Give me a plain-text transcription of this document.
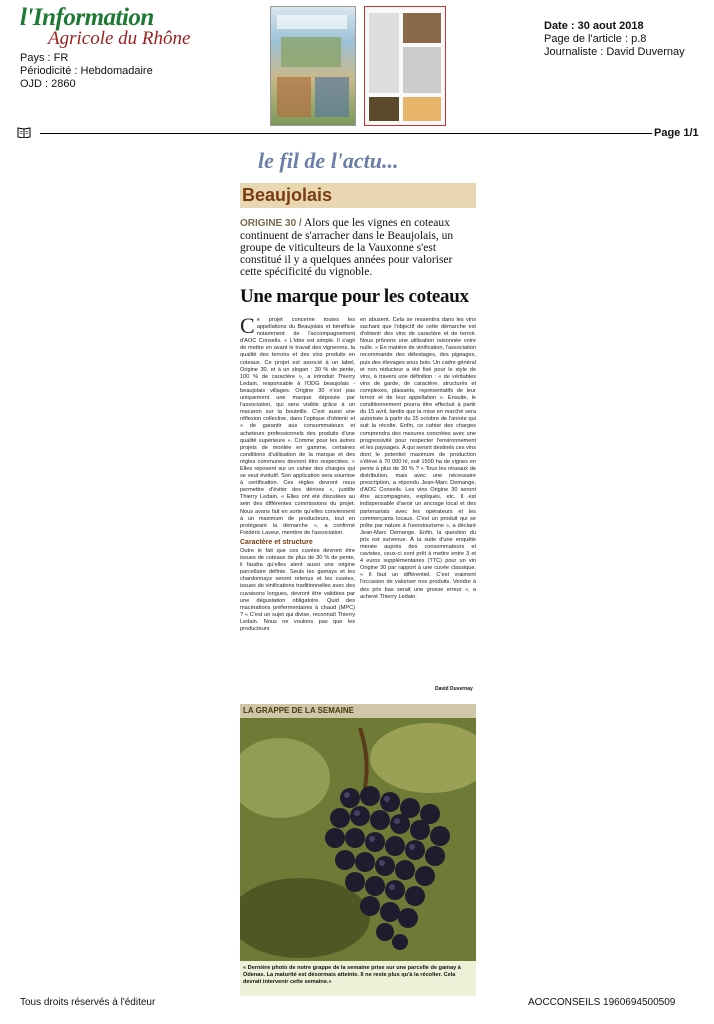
l'Information
Agricole du Rhône
Pays : FR
Périodicité : Hebdomadaire
OJD : 2860
Date : 30 aout 2018
Page de l'article : p.8
Journaliste : David Duvernay
Page 1/1
le fil de l'actu...
Beaujolais
ORIGINE 30 / Alors que les vignes en coteaux continuent de s'arracher dans le Beaujolais, un groupe de viticulteurs de la Vauxonne s'est constitué il y a quelques années pour valoriser cette spécificité du vignoble.
Une marque pour les coteaux
Ce projet concerne toutes les appellations du Beaujolais et bénéficie notamment de l'accompagnement d'AOC Conseils. « L'idée est simple. Il s'agit de mettre en avant le travail des vignerons, la qualité des terroirs et des vins produits en coteaux. Ce projet est associé à un label, Origine 30, et à un slogan : 30 % de pente, 100 % de caractère », a introduit Thierry Ledain, responsable à l'ODG beaujolais - beaujolais villages. Origine 30 n'est pas uniquement une marque déposée par l'association, qui sera visible grâce à un macaron sur la bouteille. C'est aussi une réflexion collective, dans l'optique d'obtenir et « de garantir aux consommateurs et acheteurs professionnels des produits d'une qualité supérieure ». Comme pour les autres projets de montée en gamme, certaines conditions d'utilisation de la marque et des règles communes devront être respectées. « Elles reposent sur un cahier des charges qui se veut évolutif. Son application sera soumise à certification. Ces règles devront nous permettre d'éviter des dérives », justifie Thierry Ledain. « Elles ont été discutées au sein des différentes commissions du projet. Nous avons fait en sorte qu'elles conviennent à un maximum de producteurs, tout en protégeant la démarche », a confirmé Frédéric Laveur, membre de l'association.
Caractère et structure
Outre le fait que ces cuvées devront être issues de coteaux de plus de 30 % de pente, il faudra qu'elles aient aussi une origine parcellaire définie. Seuls les gamays et les chardonnays seront retenus et les cuvées, issues de vinifications traditionnelles avec des cuvaisons longues, devront être validées par une dégustation obligatoire. Quid des macérations préfermentaires à chaud (MPC) ? « C'est un sujet qui divise, reconnaît Thierry Ledain. Nous ne voulons pas que les producteurs
en abusent. Cela se ressentira dans les vins sachant que l'objectif de cette démarche est d'obtenir des vins de caractère et de terroir. Nous prônons une utilisation raisonnée voire nulle. » En matière de vinification, l'association recommande des délestages, des pigeages, puis des élevages sous bois. Un cadre général et non réducteur a été fixé pour le style de vins, à travers une définition : « de véritables vins de garde, de caractère, structurés et complexes, plaisants, représentatifs de leur terroir et de leur appellation ». Ensuite, le conditionnement pourra être effectué à partir du 15 avril, tandis que la mise en marché sera autorisée à partir du 15 octobre de l'année qui suit la récolte. Enfin, ce cahier des charges comprendra des mesures concrètes avec une progressivité pour respecter l'environnement et les paysages. À qui seront destinés ces vins dont le potentiel maximum de production s'élève à 70 000 hl, soit 1500 ha de vignes en pente à plus de 30 % ? « Tous les réseaux de distribution, mais avec une nécessaire prescription, a répondu Jean-Marc Demange, d'AOC Conseils. Les vins Origine 30 seront être accompagnés, expliqués, etc. Il est indispensable d'avoir un ancrage local et des partenariats avec les opérateurs et les commerçants locaux. C'est un produit qui se prête par nature à l'oenotourisme », a déclaré Jean-Marc Demange. Enfin, la question du prix est survenue. À la suite d'une enquête menée auprès des consommateurs et cavistes, ceux-ci sont prêt à mettre entre 3 et 4 euros supplémentaires (TTC) pour un vin Origine 30 par rapport à une cuvée classique. « Il faut un différentiel. C'est vraiment l'occasion de valoriser nos produits. Vendre à des prix bas serait une grosse erreur », a achevé Thierry Ledain.
David Duvernay
LA GRAPPE DE LA SEMAINE
« Dernière photo de notre grappe de la semaine prise sur une parcelle de gamay à Odenas. La maturité est désormais atteinte. Il ne reste plus qu'à la récolter. Cela devrait intervenir cette semaine.»
Tous droits réservés à l'éditeur	AOCCONSEILS 1960694500509
